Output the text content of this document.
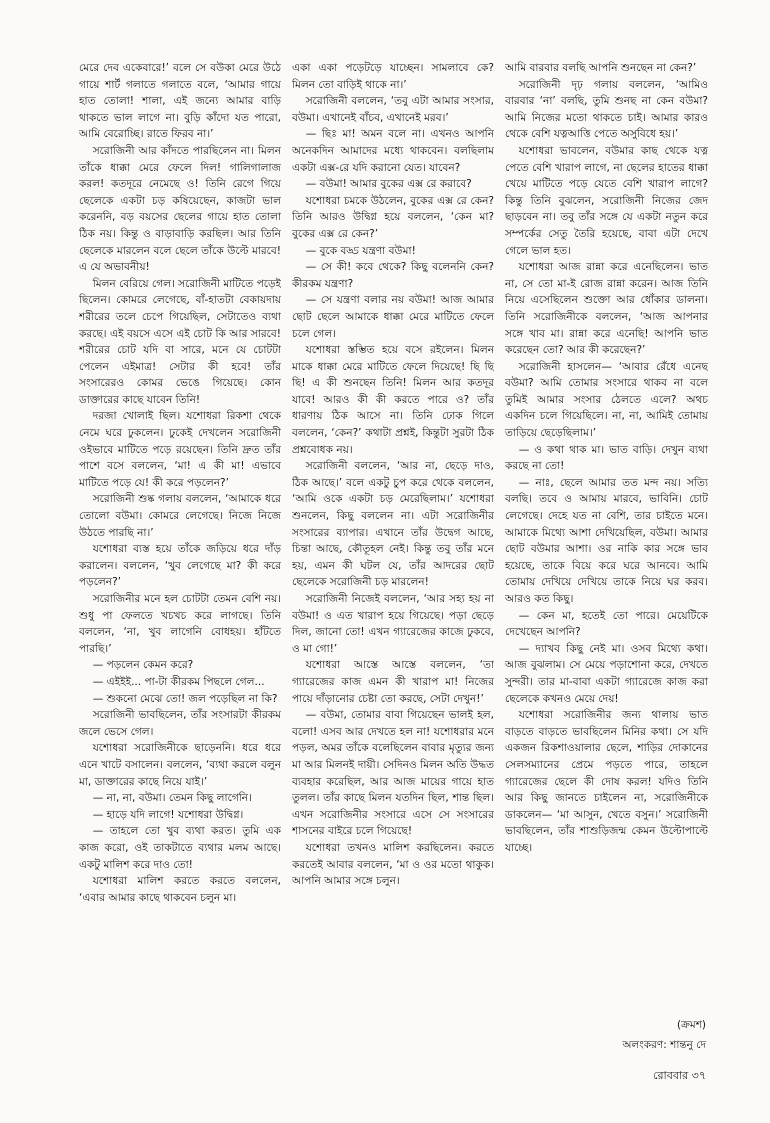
মেরে দেব একেবারে!’ বলে সে বউকা মেরে উঠে গায়ে শার্ট গলাতে গলাতে বলে, ‘আমার গায়ে হাত তোলা! শালা, এই জন্যে আমার বাড়ি থাকতে ভাল লাগে না। বুড়ি কাঁদো যত পারো, আমি বেরোচ্ছি। রাতে ফিরব না।’

সরোজিনী আর কাঁদতে পারছিলেন না। মিলন তাঁকে ধাক্কা মেরে ফেলে দিল! গালিগালাজ করল! কতদূরে নেমেছে ও! তিনি রেগে গিয়ে ছেলেকে একটা চড় কষিয়েছেন, কাজটা ভাল করেননি, বড় বয়সের ছেলের গায়ে হাত তোলা ঠিক নয়। কিন্তু ও বাড়াবাড়ি করছিল। আর তিনি ছেলেকে মারলেন বলে ছেলে তাঁকে উল্টে মারবে! এ যে অভাবনীয়!

মিলন বেরিয়ে গেল। সরোজিনী মাটিতে পড়েই ছিলেন। কোমরে লেগেছে, বাঁ-হাতটা বেকায়দায় শরীরের তলে চেপে গিয়েছিল, সেটাতেও ব্যথা করছে। এই বয়সে এসে এই চোট কি আর সারবে! শরীরের চোট যদি বা সারে, মনে যে চোটটা পেলেন এইমাত্র! সেটার কী হবে! তাঁর সংসারেরও কোমর ভেঙে গিয়েছে। কোন ডাক্তারের কাছে যাবেন তিনি!

দরজা খোলাই ছিল। যশোধরা রিকশা থেকে নেমে ঘরে ঢুকলেন। ঢুকেই দেখলেন সরোজিনী ওইভাবে মাটিতে পড়ে রয়েছেন। তিনি দ্রুত তাঁর পাশে বসে বললেন, ‘মা! এ কী মা! এভাবে মাটিতে পড়ে যে! কী করে পড়লেন?’

সরোজিনী শুষ্ক গলায় বললেন, ‘আমাকে ধরে তোলো বউমা। কোমরে লেগেছে। নিজে নিজে উঠতে পারছি না।’

যশোধরা ব্যস্ত হয়ে তাঁকে জড়িয়ে ধরে দাঁড় করালেন। বললেন, ‘খুব লেগেছে মা? কী করে পড়লেন?’

সরোজিনীর মনে হল চোটটা তেমন বেশি নয়। শুধু পা ফেলতে খচখচ করে লাগছে। তিনি বললেন, ‘না, খুব লাগেনি বোধহয়। হাঁটতে পারছি।’

— পড়লেন কেমন করে?

— এইইই... পা-টা কীরকম পিছলে গেল...

— শুকনো মেঝে তো! জল পড়েছিল না কি?

সরোজিনী ভাবছিলেন, তাঁর সংসারটা কীরকম জলে ভেসে গেল।

যশোধরা সরোজিনীকে ছাড়েননি। ধরে ধরে এনে খাটে বসালেন। বললেন, ‘ব্যথা করলে বলুন মা, ডাক্তারের কাছে নিয়ে যাই।’

— না, না, বউমা। তেমন কিছু লাগেনি।

— হাড়ে যদি লাগে! যশোধরা উদ্বিগ্ন।

— তাহলে তো খুব ব্যথা করত। তুমি এক কাজ করো, ওই তাকটাতে ব্যথার মলম আছে। একটু মালিশ করে দাও তো!

যশোধরা মালিশ করতে করতে বললেন, ‘এবার আমার কাছে থাকবেন চলুন মা।

একা একা পড়েটড়ে যাচ্ছেন। সামলাবে কে? মিলন তো বাড়িই থাকে না।’

সরোজিনী বললেন, ‘তবু এটা আমার সংসার, বউমা। এখানেই বাঁচব, এখানেই মরব।’

— ছিঃ মা! অমন বলে না। এখনও আপনি অনেকদিন আমাদের মধ্যে থাকবেন। বলছিলাম একটা এক্স-রে যদি করানো যেত। যাবেন?

— বউমা! আমার বুকের এক্স রে করাবে?

যশোধরা চমকে উঠলেন, বুকের এক্স রে কেন? তিনি আরও উদ্বিগ্ন হয়ে বললেন, ‘কেন মা? বুকের এক্স রে কেন?’

— বুকে বড্ড যন্ত্রণা বউমা!

— সে কী! কবে থেকে? কিছু বলেননি কেন? কীরকম যন্ত্রণা?

— সে যন্ত্রণা বলার নয় বউমা! আজ আমার ছোট ছেলে আমাকে ধাক্কা মেরে মাটিতে ফেলে চলে গেল।

যশোধরা স্তম্ভিত হয়ে বসে রইলেন। মিলন মাকে ধাক্কা মেরে মাটিতে ফেলে দিয়েছে! ছি ছি ছি! এ কী শুনছেন তিনি! মিলন আর কতদূর যাবে! আরও কী কী করতে পারে ও? তাঁর ধারণায় ঠিক আসে না। তিনি ঢোক গিলে বললেন, ‘কেন?’ কথাটা প্রশ্নই, কিন্তুটা সুরটা ঠিক প্রশ্নবোধক নয়।

সরোজিনী বললেন, ‘আর না, ছেড়ে দাও, ঠিক আছে।’ বলে একটু চুপ করে থেকে বললেন, ‘আমি ওকে একটা চড় মেরেছিলাম।’ যশোধরা শুনলেন, কিছু বললেন না। এটা সরোজিনীর সংসারের ব্যাপার। এখানে তাঁর উদ্বেগ আছে, চিন্তা আছে, কৌতূহল নেই। কিন্তু তবু তাঁর মনে হয়, এমন কী ঘটল যে, তাঁর আদরের ছোট ছেলেকে সরোজিনী চড় মারলেন!

সরোজিনী নিজেই বললেন, ‘আর সহ্য হয় না বউমা! ও এত খারাপ হয়ে গিয়েছে। পড়া ছেড়ে দিল, জানো তো! এখন গ্যারেজের কাজে ঢুকবে, ও মা গো!’

যশোধরা আস্তে আস্তে বললেন, ‘তা গ্যারেজের কাজ এমন কী খারাপ মা! নিজের পায়ে দাঁড়ানোর চেষ্টা তো করছে, সেটা দেখুন!’

— বউমা, তোমার বাবা গিয়েছেন ভালই হল, বলো! এসব আর দেখতে হল না! যশোধরার মনে পড়ল, অমর তাঁকে বলেছিলেন বাবার মৃত্যুর জন্য মা আর মিলনই দায়ী। সেদিনও মিলন অতি উদ্ধত ব্যবহার করেছিল, আর আজ মায়ের গায়ে হাত তুলল। তাঁর কাছে মিলন যতদিন ছিল, শান্ত ছিল। এখন সরোজিনীর সংসারে এসে সে সংসারের শাসনের বাইরে চলে গিয়েছে!

যশোধরা তখনও মালিশ করছিলেন। করতে করতেই আবার বললেন, ‘মা ও ওর মতো থাকুক। আপনি আমার সঙ্গে চলুন।

আমি বারবার বলছি আপনি শুনছেন না কেন?’

সরোজিনী দৃঢ় গলায় বললেন, ‘আমিও বারবার ‘না’ বলছি, তুমি শুনছ না কেন বউমা? আমি নিজের মতো থাকতে চাই। আমার কারও থেকে বেশি যত্নআত্তি পেতে অসুবিধে হয়।’

যশোধরা ভাবলেন, বউমার কাছ থেকে যত্ন পেতে বেশি খারাপ লাগে, না ছেলের হাতের ধাক্কা খেয়ে মাটিতে পড়ে যেতে বেশি খারাপ লাগে? কিন্তু তিনি বুঝলেন, সরোজিনী নিজের জেদ ছাড়বেন না। তবু তাঁর সঙ্গে যে একটা নতুন করে সম্পর্কের সেতু তৈরি হয়েছে, বাবা এটা দেখে গেলে ভাল হত।

যশোধরা আজ রান্না করে এনেছিলেন। ভাত না, সে তো মা-ই রোজ রান্না করেন। আজ তিনি নিয়ে এসেছিলেন শুক্তো আর ধোঁকার ডালনা। তিনি সরোজিনীকে বললেন, ‘আজ আপনার সঙ্গে খাব মা। রান্না করে এনেছি! আপনি ভাত করেছেন তো? আর কী করেছেন?’

সরোজিনী হাসলেন— ‘আবার রেঁধে এনেছ বউমা? আমি তোমার সংসারে থাকব না বলে তুমিই আমার সংসার ঠেলতে এলে? অথচ একদিন চলে গিয়েছিলে। না, না, আমিই তোমায় তাড়িয়ে ছেড়েছিলাম।’

— ও কথা থাক মা। ভাত বাড়ি। দেখুন ব্যথা করছে না তো!

— নাঃ, ছেলে আমার তত মন্দ নয়। সত্যি বলছি। তবে ও আমায় মারবে, ভাবিনি। চোট লেগেছে। দেহে যত না বেশি, তার চাইতে মনে। আমাকে মিথ্যে আশা দেখিয়েছিল, বউমা। আমার ছোট বউমার আশা। ওর নাকি কার সঙ্গে ভাব হয়েছে, তাকে বিয়ে করে ঘরে আনবে। আমি তোমায় দেখিয়ে দেখিয়ে তাকে নিয়ে ঘর করব। আরও কত কিছু।

— কেন মা, হতেই তো পারে। মেয়েটিকে দেখেছেন আপনি?

— দ্যাখব কিছু নেই মা। ওসব মিথ্যে কথা। আজ বুঝলাম। সে মেয়ে পড়াশোনা করে, দেখতে সুন্দরী। তার মা-বাবা একটা গ্যারেজে কাজ করা ছেলেকে কখনও মেয়ে দেয়!

যশোধরা সরোজিনীর জন্য থালায় ভাত বাড়তে বাড়তে ভাবছিলেন মিনির কথা। সে যদি একজন রিকশাওয়ালার ছেলে, শাড়ির দোকানের সেলসম্যানের প্রেমে পড়তে পারে, তাহলে গ্যারেজের ছেলে কী দোষ করল! যদিও তিনি আর কিছু জানতে চাইলেন না, সরোজিনীকে ডাকলেন— ‘মা আসুন, খেতে বসুন।’ সরোজিনী ভাবছিলেন, তাঁর শাশুড়িজন্ম কেমন উল্টোপাল্টে যাচ্ছে।

(ক্রমশ)
অলংকরণ: শান্তনু দে
রোববার ৩৭
